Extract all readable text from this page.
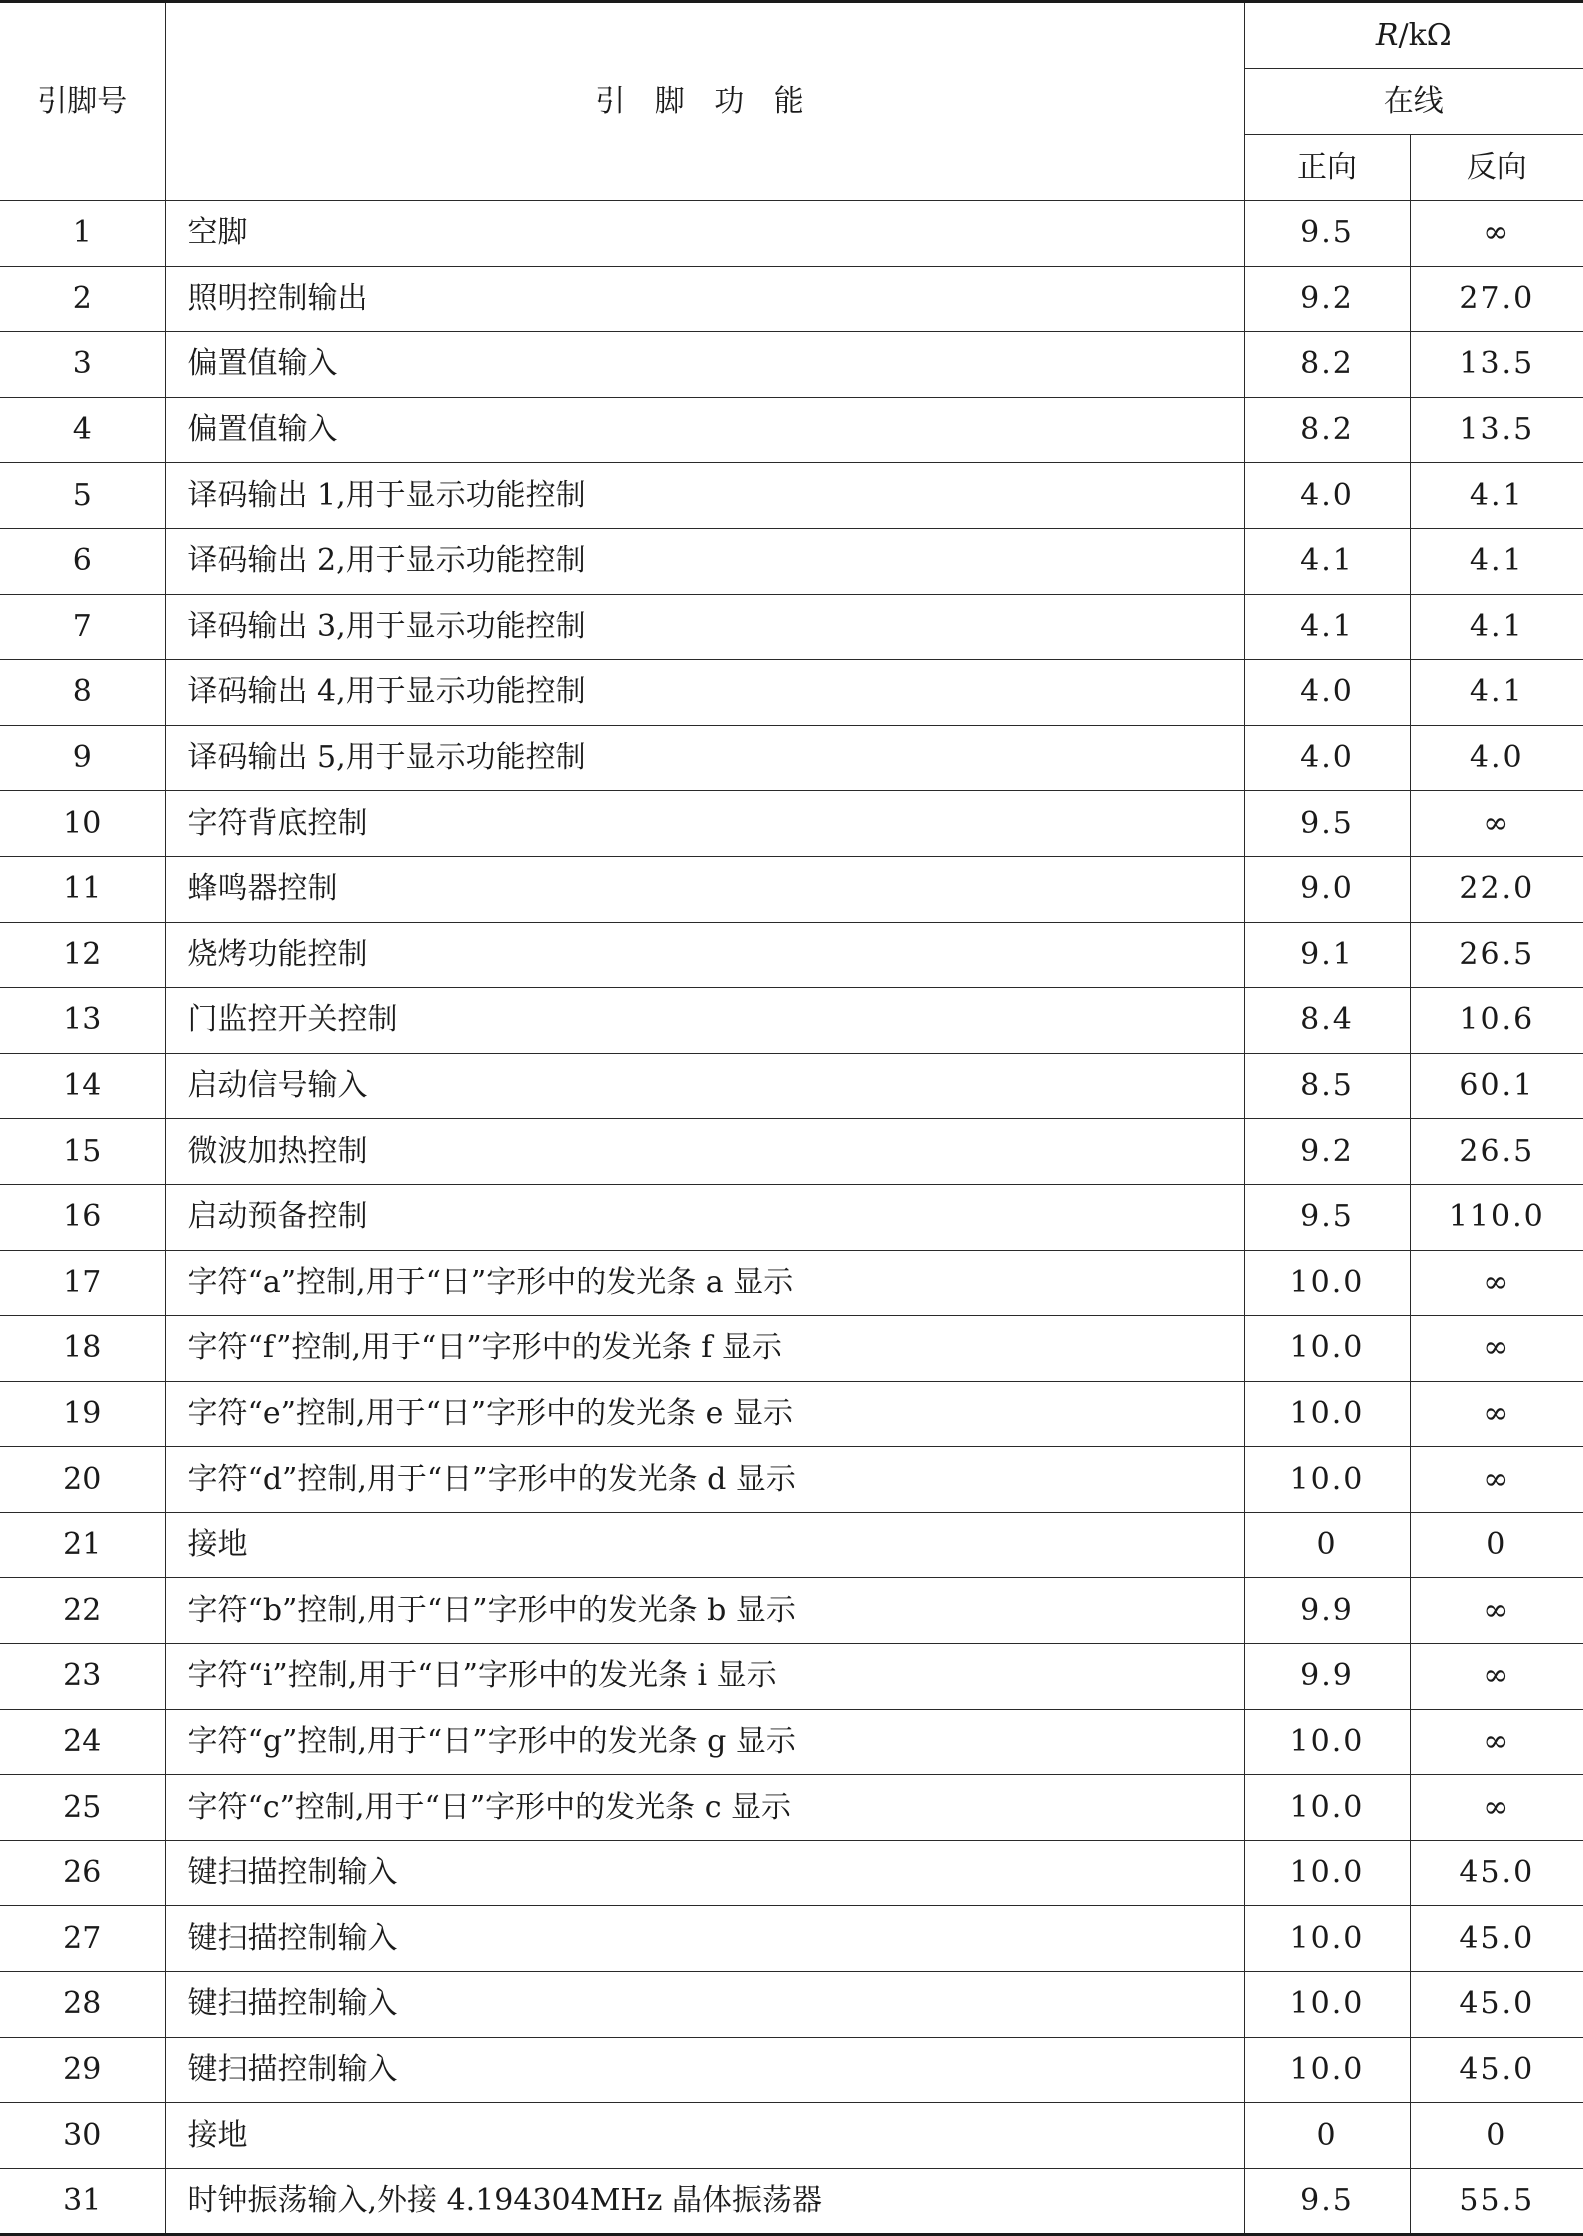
引脚号	引 脚 功 能	R/kΩ	
		在线	
		正向	反向
1	空脚	9.5	∞
2	照明控制输出	9.2	27.0
3	偏置值输入	8.2	13.5
4	偏置值输入	8.2	13.5
5	译码输出 1,用于显示功能控制	4.0	4.1
6	译码输出 2,用于显示功能控制	4.1	4.1
7	译码输出 3,用于显示功能控制	4.1	4.1
8	译码输出 4,用于显示功能控制	4.0	4.1
9	译码输出 5,用于显示功能控制	4.0	4.0
10	字符背底控制	9.5	∞
11	蜂鸣器控制	9.0	22.0
12	烧烤功能控制	9.1	26.5
13	门监控开关控制	8.4	10.6
14	启动信号输入	8.5	60.1
15	微波加热控制	9.2	26.5
16	启动预备控制	9.5	110.0
17	字符“a”控制,用于“日”字形中的发光条 a 显示	10.0	∞
18	字符“f”控制,用于“日”字形中的发光条 f 显示	10.0	∞
19	字符“e”控制,用于“日”字形中的发光条 e 显示	10.0	∞
20	字符“d”控制,用于“日”字形中的发光条 d 显示	10.0	∞
21	接地	0	0
22	字符“b”控制,用于“日”字形中的发光条 b 显示	9.9	∞
23	字符“i”控制,用于“日”字形中的发光条 i 显示	9.9	∞
24	字符“g”控制,用于“日”字形中的发光条 g 显示	10.0	∞
25	字符“c”控制,用于“日”字形中的发光条 c 显示	10.0	∞
26	键扫描控制输入	10.0	45.0
27	键扫描控制输入	10.0	45.0
28	键扫描控制输入	10.0	45.0
29	键扫描控制输入	10.0	45.0
30	接地	0	0
31	时钟振荡输入,外接 4.194304MHz 晶体振荡器	9.5	55.5
